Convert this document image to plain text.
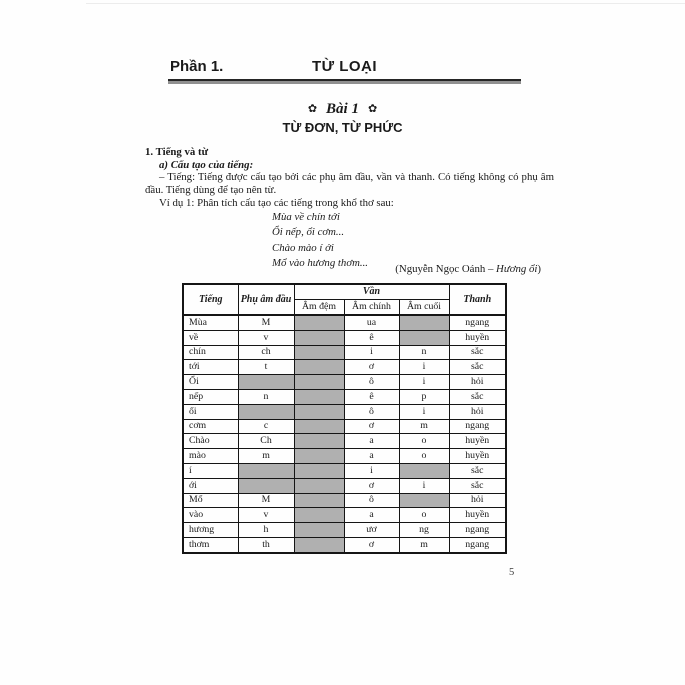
Phần 1.	TỪ LOẠI
✿ Bài 1 ✿
TỪ ĐƠN, TỪ PHỨC
1. Tiếng và từ
a) Cấu tạo của tiếng:
– Tiếng: Tiếng được cấu tạo bởi các phụ âm đầu, vần và thanh. Có tiếng không có phụ âm đầu. Tiếng dùng để tạo nên từ.
Ví dụ 1: Phân tích cấu tạo các tiếng trong khổ thơ sau:
Mùa về chín tới
Ổi nếp, ổi cơm...
Chào mào í ới
Mổ vào hương thơm...	(Nguyễn Ngọc Oánh – Hương ổi)
Tiếng	Phụ âm đầu	Vần			Thanh
		Âm đệm	Âm chính	Âm cuối	
Mùa	M		ua		ngang
về	v		ê		huyền
chín	ch		i	n	sắc
tới	t		ơ	i	sắc
Ổi			ô	i	hỏi
nếp	n		ê	p	sắc
ổi			ô	i	hỏi
cơm	c		ơ	m	ngang
Chào	Ch		a	o	huyền
mào	m		a	o	huyền
í			i		sắc
ới			ơ	i	sắc
Mổ	M		ô		hỏi
vào	v		a	o	huyền
hương	h		ươ	ng	ngang
thơm	th		ơ	m	ngang
5
